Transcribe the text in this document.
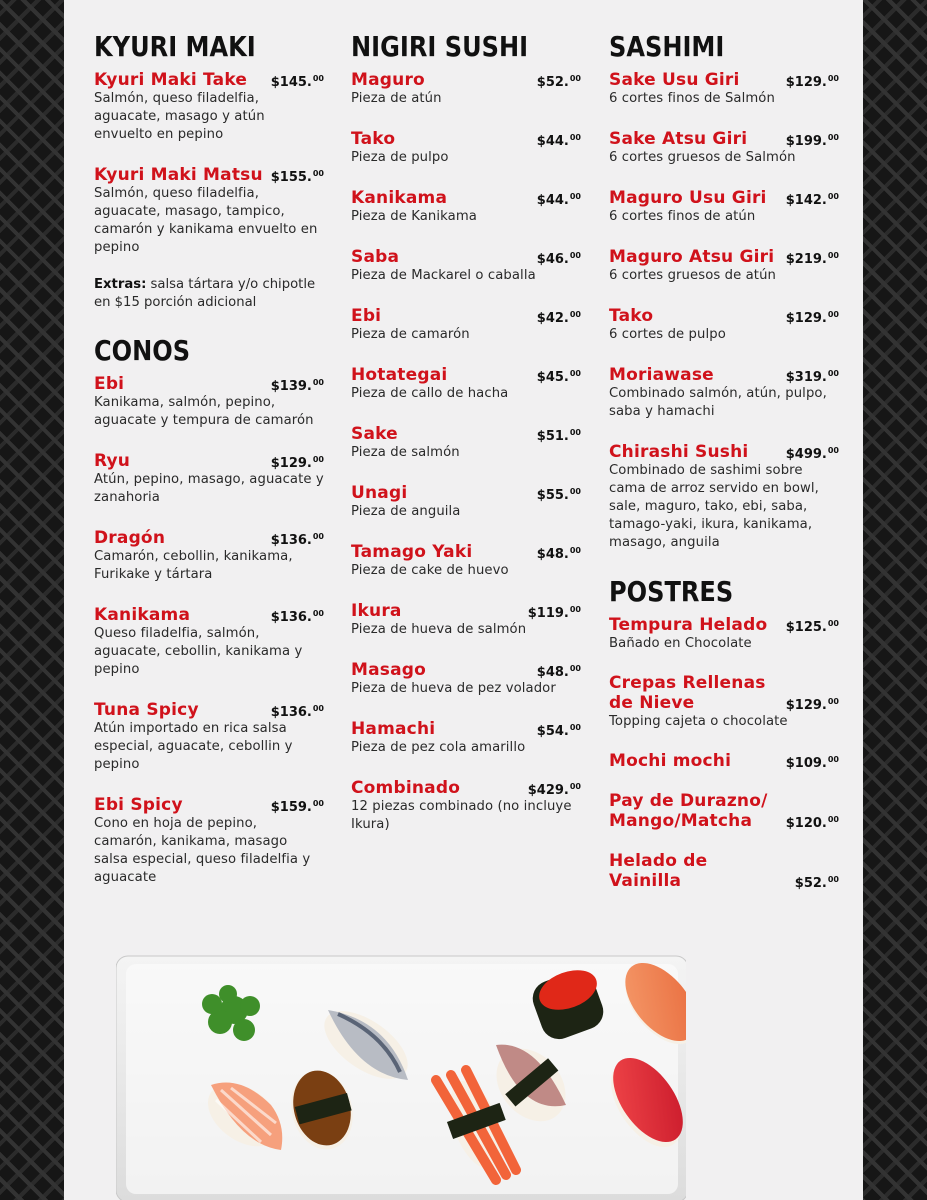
KYURI MAKI
Kyuri Maki Take $145.00
Salmón, queso filadelfia, aguacate, masago y atún envuelto en pepino
Kyuri Maki Matsu $155.00
Salmón, queso filadelfia, aguacate, masago, tampico, camarón y kanikama envuelto en pepino
Extras: salsa tártara y/o chipotle en $15 porción adicional
CONOS
Ebi	$139.00
Kanikama, salmón, pepino, aguacate y tempura de camarón
Ryu	$129.00
Atún, pepino, masago, aguacate y zanahoria
Dragón	$136.00
Camarón, cebollin, kanikama, Furikake y tártara
Kanikama	$136.00
Queso filadelfia, salmón, aguacate, cebollin, kanikama y pepino
Tuna Spicy	$136.00
Atún importado en rica salsa especial, aguacate, cebollin y pepino
Ebi Spicy	$159.00
Cono en hoja de pepino, camarón, kanikama, masago salsa especial, queso filadelfia y aguacate
NIGIRI SUSHI
Maguro	$52.00
Pieza de atún
Tako	$44.00
Pieza de pulpo
Kanikama	$44.00
Pieza de Kanikama
Saba	$46.00
Pieza de Mackarel o caballa
Ebi	$42.00
Pieza de camarón
Hotategai	$45.00
Pieza de callo de hacha
Sake	$51.00
Pieza de salmón
Unagi	$55.00
Pieza de anguila
Tamago Yaki	$48.00
Pieza de cake de huevo
Ikura	$119.00
Pieza de hueva de salmón
Masago	$48.00
Pieza de hueva de pez volador
Hamachi	$54.00
Pieza de pez cola amarillo
Combinado	$429.00
12 piezas combinado (no incluye Ikura)
SASHIMI
Sake Usu Giri	$129.00
6 cortes finos de Salmón
Sake Atsu Giri	$199.00
6 cortes gruesos de Salmón
Maguro Usu Giri $142.00
6 cortes finos de atún
Maguro Atsu Giri $219.00
6 cortes gruesos de atún
Tako	$129.00
6 cortes de pulpo
Moriawase	$319.00
Combinado salmón, atún, pulpo, saba y hamachi
Chirashi Sushi	$499.00
Combinado de sashimi sobre cama de arroz servido en bowl, sale, maguro, tako, ebi, saba, tamago-yaki, ikura, kanikama, masago, anguila
POSTRES
Tempura Helado $125.00
Bañado en Chocolate
Crepas Rellenas de Nieve	$129.00
Topping cajeta o chocolate
Mochi mochi	$109.00
Pay de Durazno/ Mango/Matcha	$120.00
Helado de Vainilla	$52.00
